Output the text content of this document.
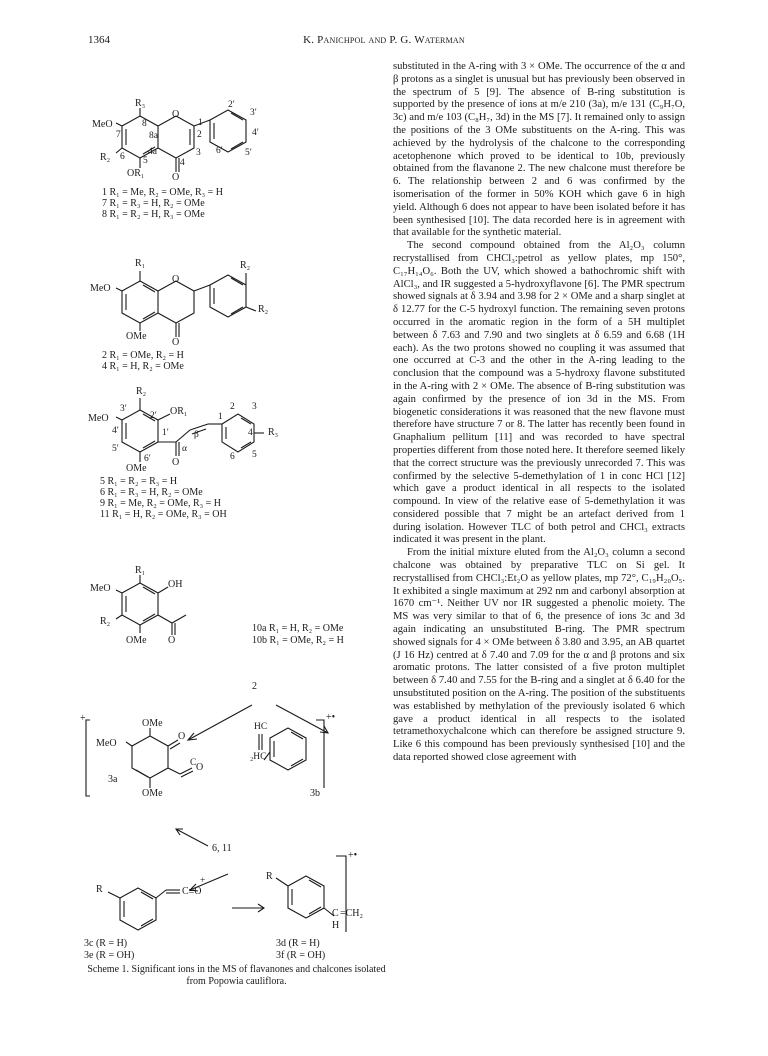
1364	K. Panichpol and P. G. Waterman
R₃
MeO
7
8
8a
O
1
2′
3′
4′
5′
6′
2
3
4
4a
5
6
R₂
OR₁	O
1 R₁ = Me, R₂ = OMe, R₃ = H
7 R₁ = R₃ = H, R₂ = OMe
8 R₁ = R₂ = H, R₃ = OMe
R₁
MeO
O
R₂
R₂
OMe
O
2 R₁ = OMe, R₂ = H
4 R₁ = H, R₂ = OMe
R₂
MeO
3′
4′
5′
6′
2′ OR₁
1′
α
β
1
2 3
4
5
6
R₃
OMe
O
5 R₁ = R₂ = R₃ = H
6 R₁ = R₃ = H, R₂ = OMe
9 R₁ = Me, R₂ = OMe, R₃ = H
11 R₁ = H, R₂ = OMe, R₃ = OH
R₁
MeO	OH
R₂
OMe O
10a R₁ = H, R₂ = OMe
10b R₁ = OMe, R₂ = H
2
+	OMe
MeO
O
C O
OMe
3a
HC
₂HC
3b
+•
6, 11
R	C≡O
+	R
+•
C
H
=CH₂
3c (R = H)
3e (R = OH)
3d (R = H)
3f (R = OH)
Scheme 1. Significant ions in the MS of flavanones and chalcones isolated from Popowia cauliflora.

substituted in the A-ring with 3 × OMe. The occurrence of the α and β protons as a singlet is unusual but has previously been observed in the spectrum of 5 [9]. The absence of B-ring substitution is supported by the presence of ions at m/e 210 (3a), m/e 131 (C₉H₇O, 3c) and m/e 103 (C₈H₇, 3d) in the MS [7]. It remained only to assign the positions of the 3 OMe substituents on the A-ring. This was achieved by the hydrolysis of the chalcone to the corresponding acetophenone which proved to be identical to 10b, previously obtained from the flavanone 2. The new chalcone must therefore be 6. The relationship between 2 and 6 was confirmed by the isomerisation of the former in 50% KOH which gave 6 in high yield. Although 6 does not appear to have been isolated before it has been synthesised [10]. The data recorded here is in agreement with that available for the synthetic material.

The second compound obtained from the Al₂O₃ column recrystallised from CHCl₃:petrol as yellow plates, mp 150°, C₁₇H₁₄O₆. Both the UV, which showed a bathochromic shift with AlCl₃, and IR suggested a 5-hydroxyflavone [6]. The PMR spectrum showed signals at δ 3.94 and 3.98 for 2 × OMe and a sharp singlet at δ 12.77 for the C-5 hydroxyl function. The remaining seven protons occurred in the aromatic region in the form of a 5H multiplet between δ 7.63 and 7.90 and two singlets at δ 6.59 and 6.68 (1H each). As the two protons showed no coupling it was assumed that one occurred at C-3 and the other in the A-ring leading to the conclusion that the compound was a 5-hydroxy flavone substituted in the A-ring with 2 × OMe. The absence of B-ring substitution was again confirmed by the presence of ion 3d in the MS. From biogenetic considerations it was reasoned that the new flavone must therefore have structure 7 or 8. The latter has recently been found in Gnaphalium pellitum [11] and was recorded to have spectral properties different from those noted here. It therefore seemed likely that the correct structure was the previously unrecorded 7. This was confirmed by the selective 5-demethylation of 1 in conc HCl [12] which gave a product identical in all respects to the isolated compound. In view of the relative ease of 5-demethylation it was considered possible that 7 might be an artefact derived from 1 during isolation. However TLC of both petrol and CHCl₃ extracts indicated it was present in the plant.

From the initial mixture eluted from the Al₂O₃ column a second chalcone was obtained by preparative TLC on Si gel. It recrystallised from CHCl₃:Et₂O as yellow plates, mp 72°, C₁₉H₂₀O₅. It exhibited a single maximum at 292 nm and carbonyl absorption at 1670 cm⁻¹. Neither UV nor IR suggested a phenolic moiety. The MS was very similar to that of 6, the presence of ions 3c and 3d again indicating an unsubstituted B-ring. The PMR spectrum showed signals for 4 × OMe between δ 3.80 and 3.95, an AB quartet (J 16 Hz) centred at δ 7.40 and 7.09 for the α and β protons and six aromatic protons. The latter consisted of a five proton multiplet between δ 7.40 and 7.55 for the B-ring and a singlet at δ 6.40 for the unsubstituted position on the A-ring. The position of the substituents was established by methylation of the previously isolated 6 which gave a product identical in all respects to the isolated tetramethoxychalcone which can therefore be assigned structure 9. Like 6 this compound has been previously synthesised [10] and the data reported showed close agreement with
